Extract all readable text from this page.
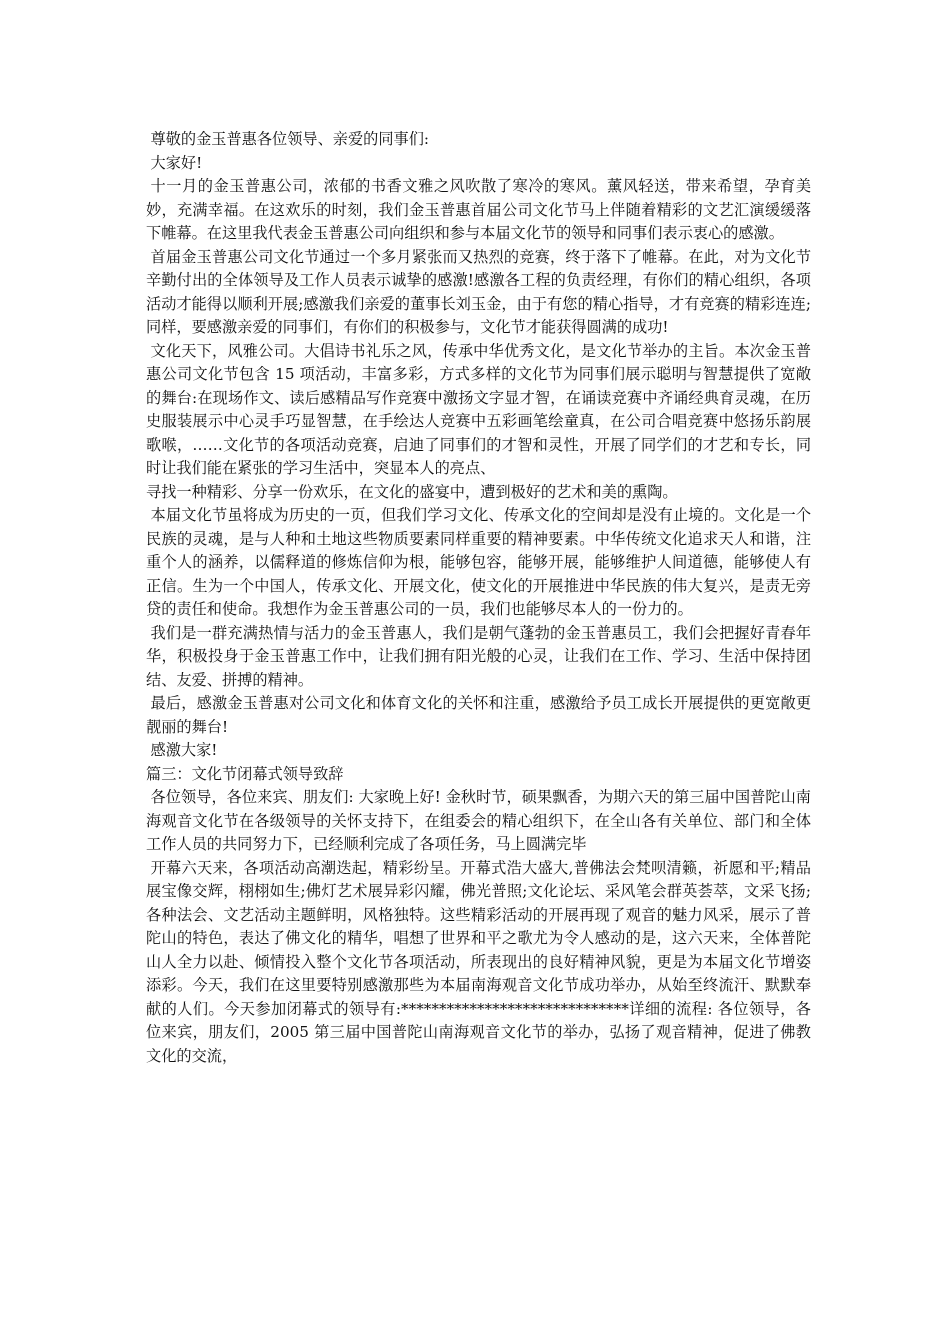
尊敬的金玉普惠各位领导、亲爱的同事们:

大家好!

十一月的金玉普惠公司，浓郁的书香文雅之风吹散了寒冷的寒风。薰风轻送，带来希望，孕育美妙，充满幸福。在这欢乐的时刻，我们金玉普惠首届公司文化节马上伴随着精彩的文艺汇演缓缓落下帷幕。在这里我代表金玉普惠公司向组织和参与本届文化节的领导和同事们表示衷心的感激。

首届金玉普惠公司文化节通过一个多月紧张而又热烈的竞赛，终于落下了帷幕。在此，对为文化节辛勤付出的全体领导及工作人员表示诚挚的感激!感激各工程的负责经理，有你们的精心组织，各项活动才能得以顺利开展;感激我们亲爱的董事长刘玉金，由于有您的精心指导，才有竞赛的精彩连连;同样，要感激亲爱的同事们，有你们的积极参与，文化节才能获得圆满的成功!

文化天下，风雅公司。大倡诗书礼乐之风，传承中华优秀文化，是文化节举办的主旨。本次金玉普惠公司文化节包含 15 项活动，丰富多彩，方式多样的文化节为同事们展示聪明与智慧提供了宽敞的舞台:在现场作文、读后感精品写作竞赛中激扬文字显才智，在诵读竞赛中齐诵经典育灵魂，在历史服装展示中心灵手巧显智慧，在手绘达人竞赛中五彩画笔绘童真，在公司合唱竞赛中悠扬乐韵展歌喉，……文化节的各项活动竞赛，启迪了同事们的才智和灵性，开展了同学们的才艺和专长，同时让我们能在紧张的学习生活中，突显本人的亮点、

寻找一种精彩、分享一份欢乐，在文化的盛宴中，遭到极好的艺术和美的熏陶。

本届文化节虽将成为历史的一页，但我们学习文化、传承文化的空间却是没有止境的。文化是一个民族的灵魂，是与人种和土地这些物质要素同样重要的精神要素。中华传统文化追求天人和谐，注重个人的涵养，以儒释道的修炼信仰为根，能够包容，能够开展，能够维护人间道德，能够使人有正信。生为一个中国人，传承文化、开展文化，使文化的开展推进中华民族的伟大复兴，是责无旁贷的责任和使命。我想作为金玉普惠公司的一员，我们也能够尽本人的一份力的。

我们是一群充满热情与活力的金玉普惠人，我们是朝气蓬勃的金玉普惠员工，我们会把握好青春年华，积极投身于金玉普惠工作中，让我们拥有阳光般的心灵，让我们在工作、学习、生活中保持团结、友爱、拼搏的精神。

最后，感激金玉普惠对公司文化和体育文化的关怀和注重，感激给予员工成长开展提供的更宽敞更靓丽的舞台!

感激大家!

篇三：文化节闭幕式领导致辞

各位领导，各位来宾、朋友们: 大家晚上好! 金秋时节，硕果飘香，为期六天的第三届中国普陀山南海观音文化节在各级领导的关怀支持下，在组委会的精心组织下，在全山各有关单位、部门和全体工作人员的共同努力下，已经顺利完成了各项任务，马上圆满完毕

开幕六天来，各项活动高潮迭起，精彩纷呈。开幕式浩大盛大,普佛法会梵呗清籁，祈愿和平;精品展宝像交辉，栩栩如生;佛灯艺术展异彩闪耀，佛光普照;文化论坛、采风笔会群英荟萃，文采飞扬;各种法会、文艺活动主题鲜明，风格独特。这些精彩活动的开展再现了观音的魅力风采，展示了普陀山的特色，表达了佛文化的精华，唱想了世界和平之歌尤为令人感动的是，这六天来，全体普陀山人全力以赴、倾情投入整个文化节各项活动，所表现出的良好精神风貌，更是为本届文化节增姿添彩。今天，我们在这里要特别感激那些为本届南海观音文化节成功举办，从始至终流汗、默默奉献的人们。今天参加闭幕式的领导有:******************************详细的流程: 各位领导，各位来宾，朋友们，2005 第三届中国普陀山南海观音文化节的举办，弘扬了观音精神，促进了佛教文化的交流，
